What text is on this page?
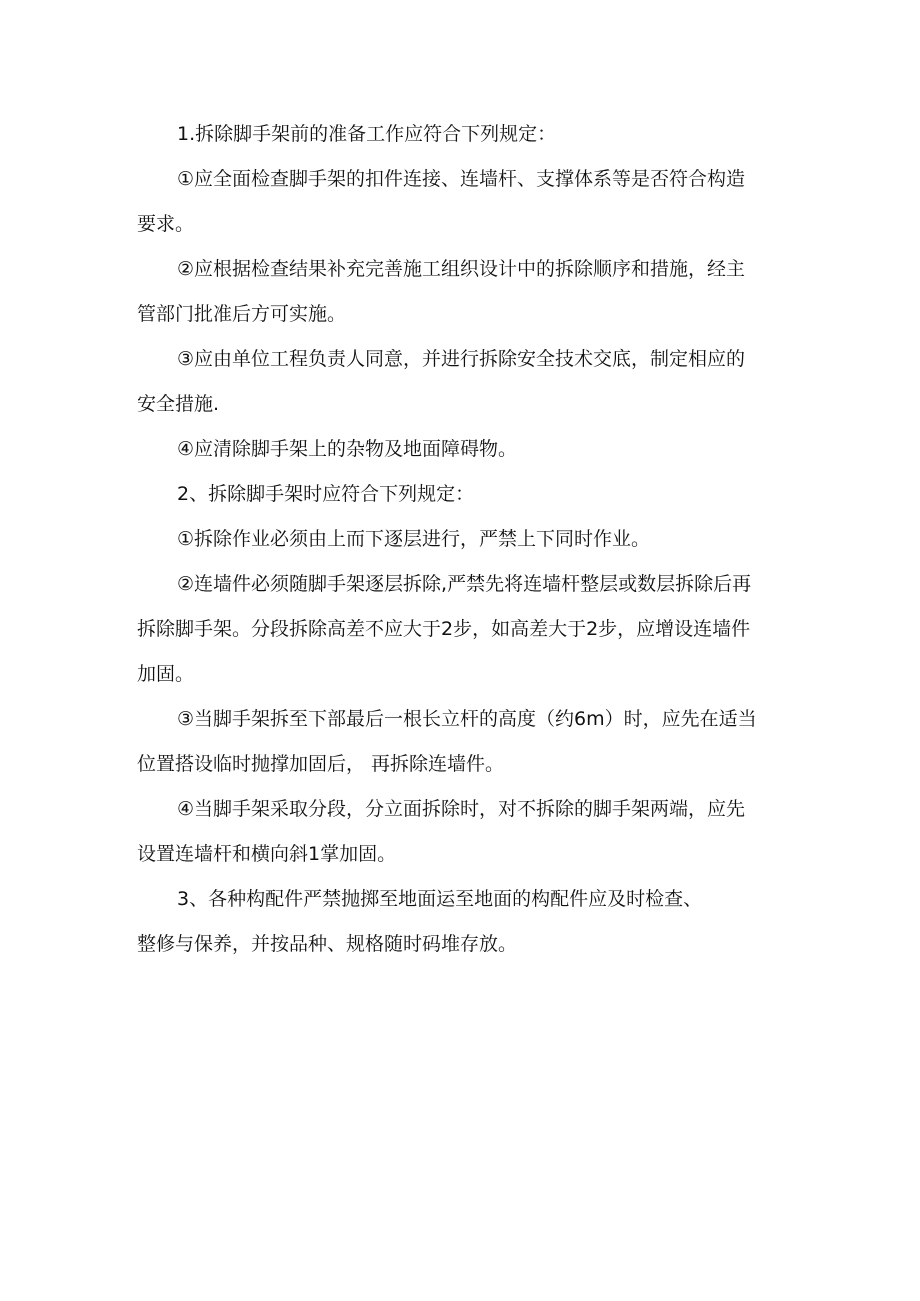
1.拆除脚手架前的准备工作应符合下列规定：
①应全面检查脚手架的扣件连接、连墙杆、支撑体系等是否符合构造
要求。
②应根据检查结果补充完善施工组织设计中的拆除顺序和措施，经主
管部门批准后方可实施。
③应由单位工程负责人同意，并进行拆除安全技术交底，制定相应的
安全措施.
④应清除脚手架上的杂物及地面障碍物。
2、拆除脚手架时应符合下列规定：
①拆除作业必须由上而下逐层进行，严禁上下同时作业。
②连墙件必须随脚手架逐层拆除,严禁先将连墙杆整层或数层拆除后再
拆除脚手架。分段拆除高差不应大于2步，如高差大于2步，应增设连墙件
加固。
③当脚手架拆至下部最后一根长立杆的高度（约6m）时，应先在适当
位置搭设临时抛撑加固后， 再拆除连墙件。
④当脚手架采取分段，分立面拆除时，对不拆除的脚手架两端，应先
设置连墙杆和横向斜1掌加固。
3、各种构配件严禁抛掷至地面运至地面的构配件应及时检查、
整修与保养，并按品种、规格随时码堆存放。
